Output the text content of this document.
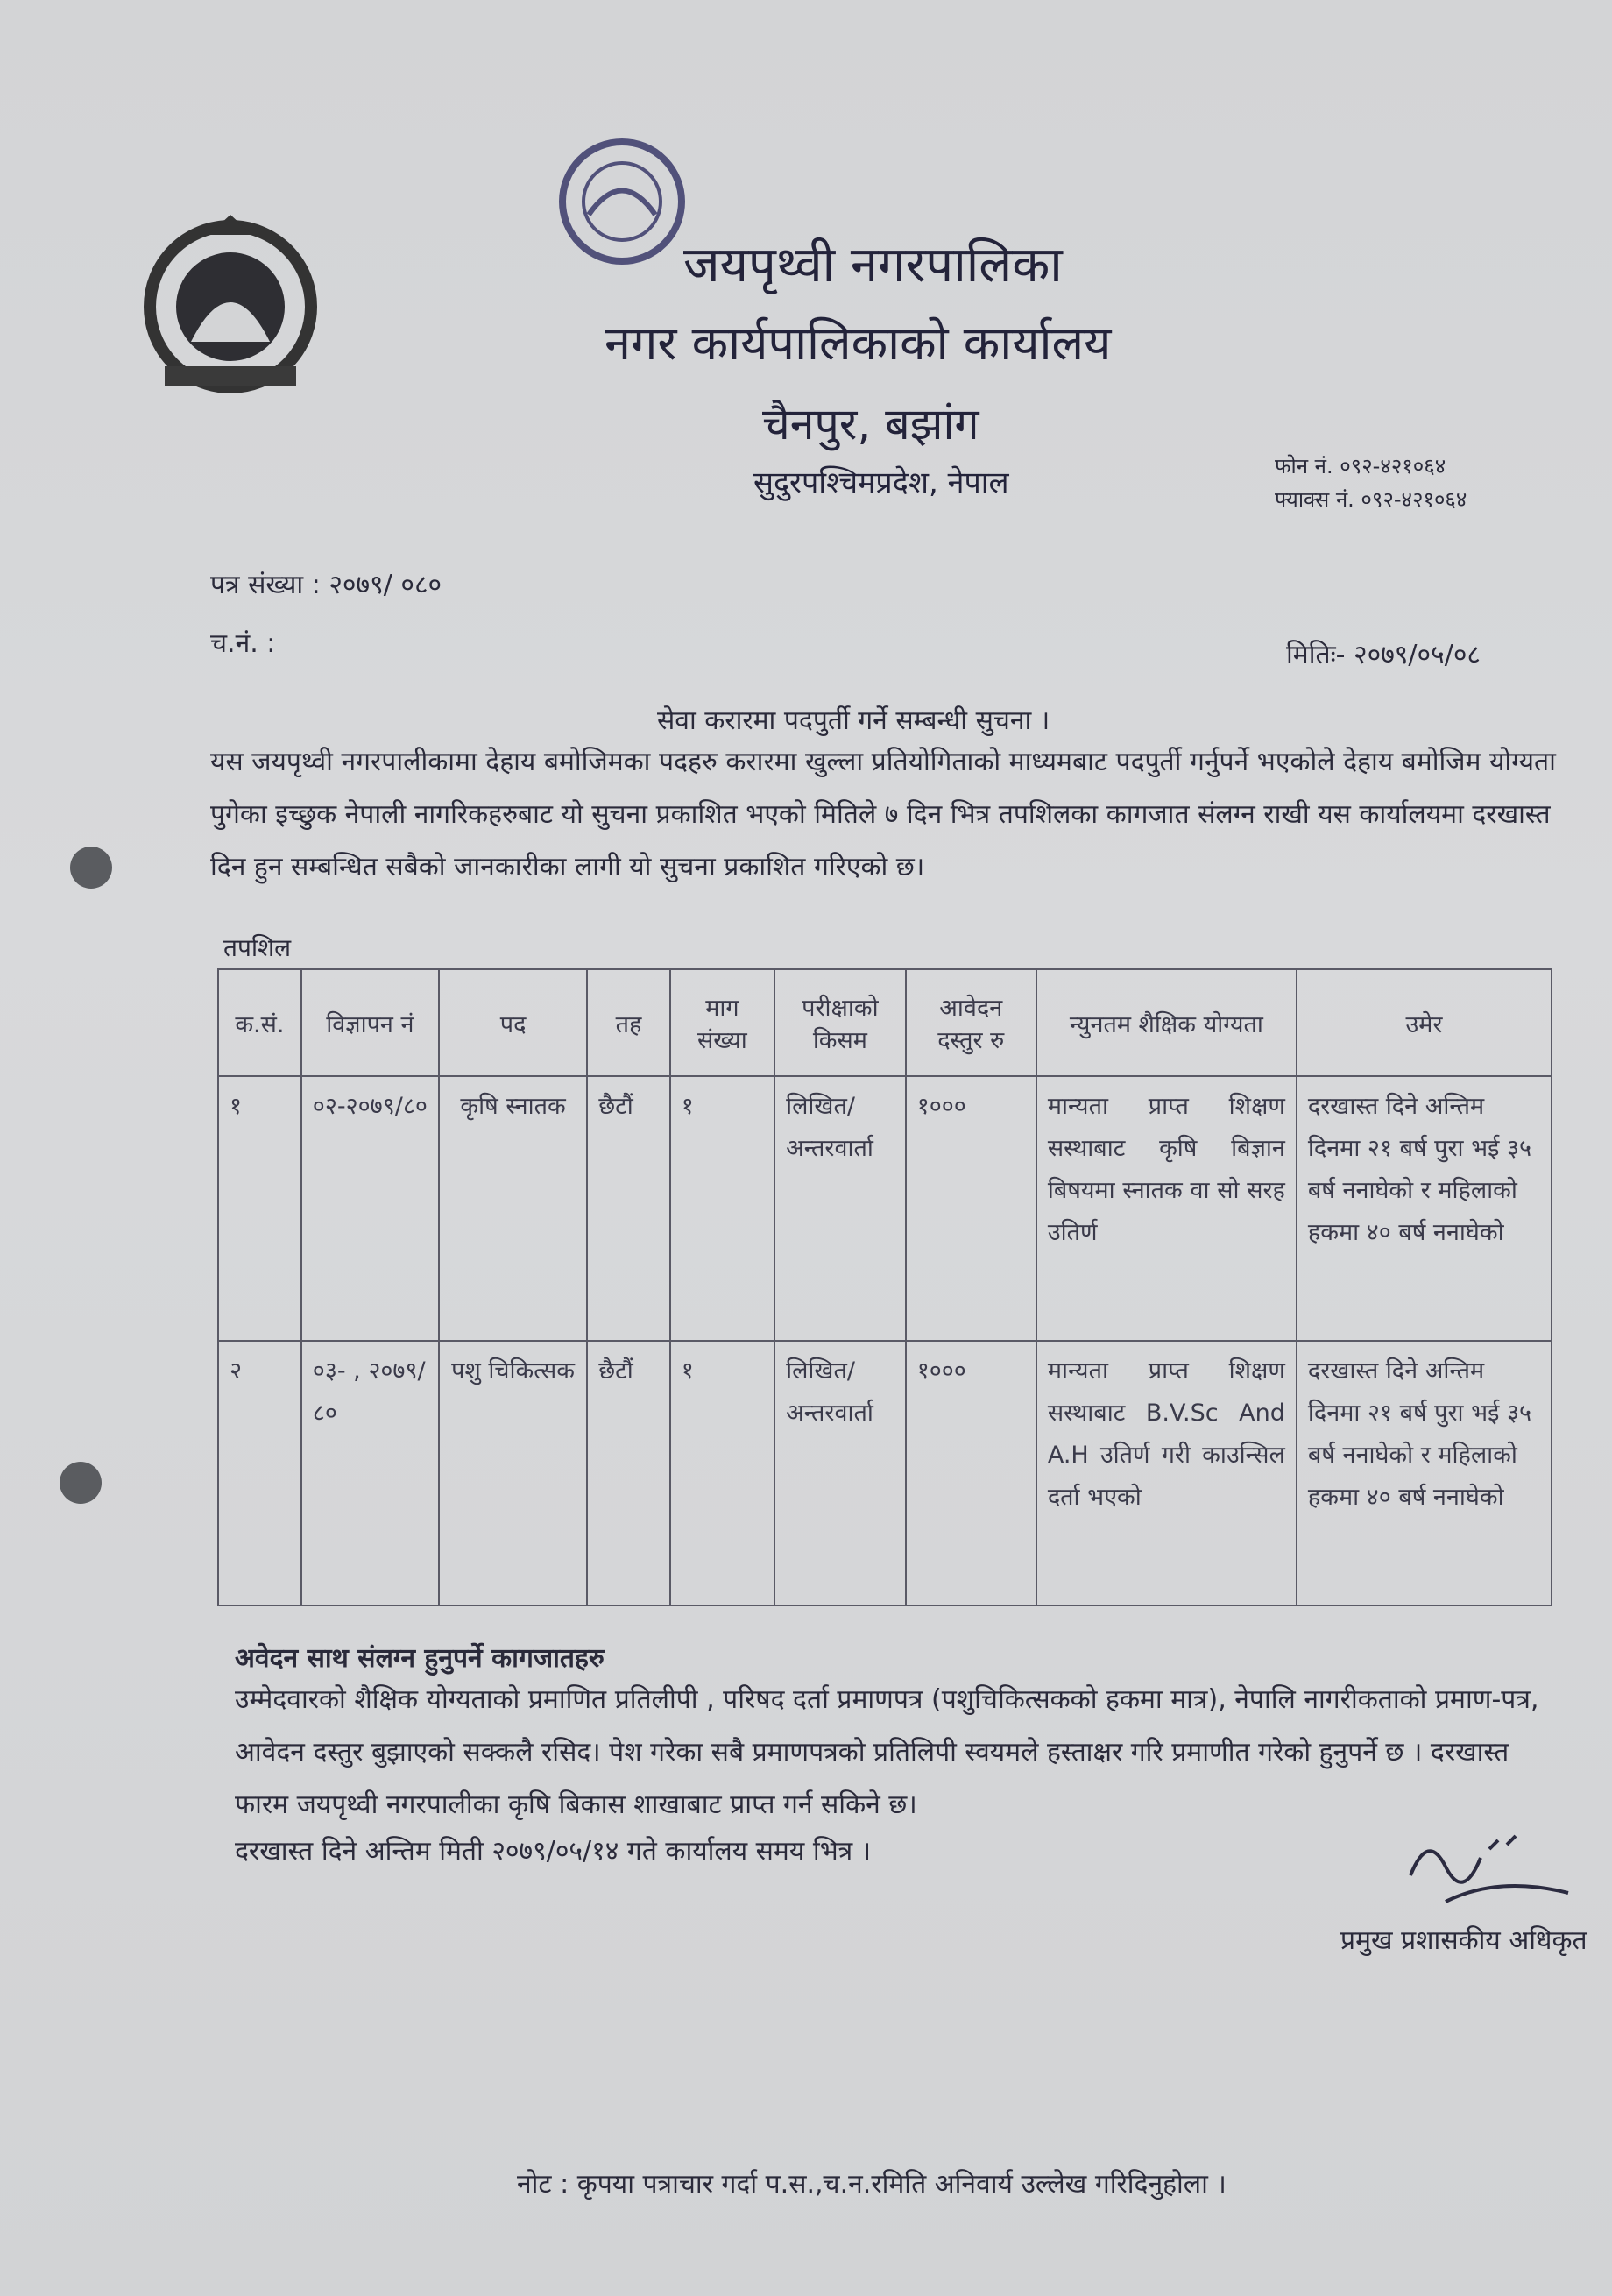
जयपृथ्वी नगरपालिका
नगर कार्यपालिकाको कार्यालय
चैनपुर, बझांग
सुदुरपश्चिमप्रदेश, नेपाल	फोन नं. ०९२-४२१०६४
फ्याक्स नं. ०९२-४२१०६४
पत्र संख्या : २०७९/ ०८०
च.नं. :	मितिः- २०७९/०५/०८
सेवा करारमा पदपुर्ती गर्ने सम्बन्धी सुचना ।
यस जयपृथ्वी नगरपालीकामा देहाय बमोजिमका पदहरु करारमा खुल्ला प्रतियोगिताको माध्यमबाट पदपुर्ती गर्नुपर्ने भएकोले देहाय बमोजिम योग्यता पुगेका इच्छुक नेपाली नागरिकहरुबाट यो सुचना प्रकाशित भएको मितिले ७ दिन भित्र तपशिलका कागजात संलग्न राखी यस कार्यालयमा दरखास्त दिन हुन सम्बन्धित सबैको जानकारीका लागी यो सुचना प्रकाशित गरिएको छ।
तपशिल
क.सं.	विज्ञापन नं	पद	तह	माग संख्या	परीक्षाको किसम	आवेदन दस्तुर रु	न्युनतम शैक्षिक योग्यता	उमेर
१	०२-२०७९/८०	कृषि स्नातक	छैटौं	१	लिखित/ अन्तरवार्ता	१०००	मान्यता प्राप्त शिक्षण सस्थाबाट कृषि बिज्ञान बिषयमा स्नातक वा सो सरह उतिर्ण	दरखास्त दिने अन्तिम दिनमा २१ बर्ष पुरा भई ३५ बर्ष ननाघेको र महिलाको हकमा ४० बर्ष ननाघेको
२	०३- , २०७९/ ८०	पशु चिकित्सक	छैटौं	१	लिखित/ अन्तरवार्ता	१०००	मान्यता प्राप्त शिक्षण सस्थाबाट B.V.Sc And A.H उतिर्ण गरी काउन्सिल दर्ता भएको	दरखास्त दिने अन्तिम दिनमा २१ बर्ष पुरा भई ३५ बर्ष ननाघेको र महिलाको हकमा ४० बर्ष ननाघेको
अवेदन साथ संलग्न हुनुपर्ने कागजातहरु
उम्मेदवारको शैक्षिक योग्यताको प्रमाणित प्रतिलीपी , परिषद दर्ता प्रमाणपत्र (पशुचिकित्सकको हकमा मात्र), नेपालि नागरीकताको प्रमाण-पत्र, आवेदन दस्तुर बुझाएको सक्कलै रसिद। पेश गरेका सबै प्रमाणपत्रको प्रतिलिपी स्वयमले हस्ताक्षर गरि प्रमाणीत गरेको हुनुपर्ने छ । दरखास्त फारम जयपृथ्वी नगरपालीका कृषि बिकास शाखाबाट प्राप्त गर्न सकिने छ।
दरखास्त दिने अन्तिम मिती २०७९/०५/१४ गते कार्यालय समय भित्र ।
प्रमुख प्रशासकीय अधिकृत
नोट : कृपया पत्राचार गर्दा प.स.,च.न.रमिति अनिवार्य उल्लेख गरिदिनुहोला ।
